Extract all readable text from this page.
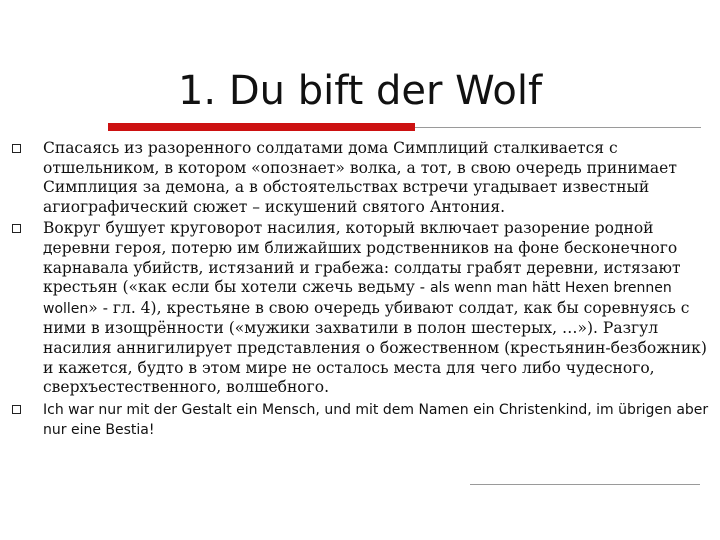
1. Du bift der Wolf
Спасаясь из разоренного солдатами дома Симплиций сталкивается с отшельником, в котором «опознает» волка, а тот, в свою очередь принимает Симплиция за демона, а в обстоятельствах встречи угадывает известный агиографический сюжет – искушений святого Антония.
Вокруг бушует круговорот насилия, который включает разорение родной деревни героя, потерю им ближайших родственников на фоне бесконечного карнавала убийств, истязаний и грабежа: солдаты грабят деревни, истязают крестьян («как если бы хотели сжечь ведьму - als wenn man hätt Hexen brennen wollen» - гл. 4), крестьяне в свою очередь убивают солдат, как бы соревнуясь с ними в изощрённости («мужики захватили в полон шестерых, …»). Разгул насилия аннигилирует представления о божественном (крестьянин-безбожник) и кажется, будто в этом мире не осталось места для чего либо чудесного, сверхъестественного, волшебного.
Ich war nur mit der Gestalt ein Mensch, und mit dem Namen ein Christenkind, im übrigen aber nur eine Bestia!
